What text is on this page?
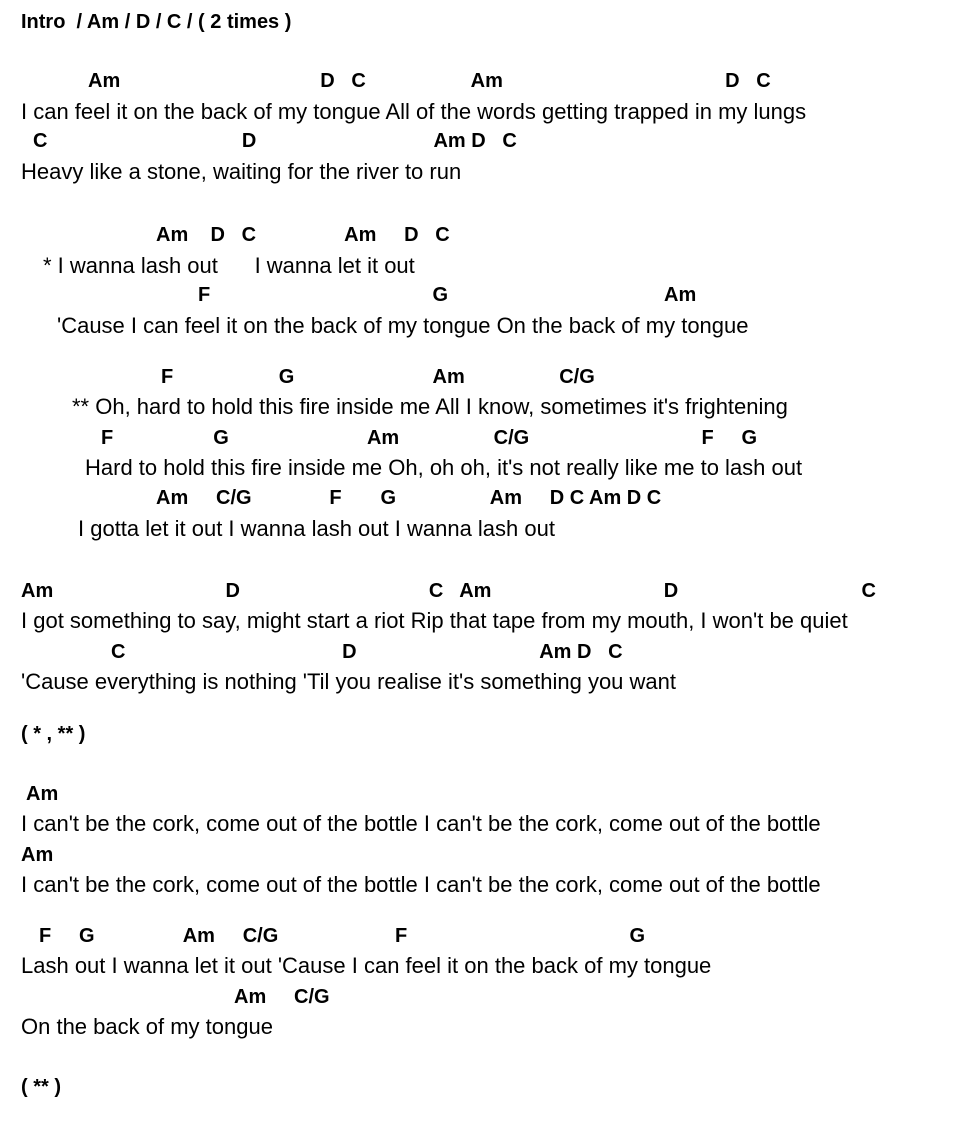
Intro  / Am / D / C / ( 2 times )
Am                                    D   C                   Am                                        D   C
I can feel it on the back of my tongue All of the words getting trapped in my lungs
C                                   D                                Am D   C
Heavy like a stone, waiting for the river to run
Am    D   C                Am     D   C
* I wanna lash out      I wanna let it out
F                                        G                                       Am
'Cause I can feel it on the back of my tongue On the back of my tongue
F                   G                         Am                 C/G
** Oh, hard to hold this fire inside me All I know, sometimes it's frightening
F                  G                         Am                 C/G                               F     G
Hard to hold this fire inside me Oh, oh oh, it's not really like me to lash out
Am     C/G              F       G                 Am     D C Am D C
I gotta let it out I wanna lash out I wanna lash out
Am                               D                                  C   Am                               D                                 C
I got something to say, might start a riot Rip that tape from my mouth, I won't be quiet
C                                       D                                 Am D   C
'Cause everything is nothing 'Til you realise it's something you want
( * , ** )
Am
I can't be the cork, come out of the bottle I can't be the cork, come out of the bottle
Am
I can't be the cork, come out of the bottle I can't be the cork, come out of the bottle
F     G                Am     C/G                     F                                        G
Lash out I wanna let it out 'Cause I can feel it on the back of my tongue
Am     C/G
On the back of my tongue
( ** )
